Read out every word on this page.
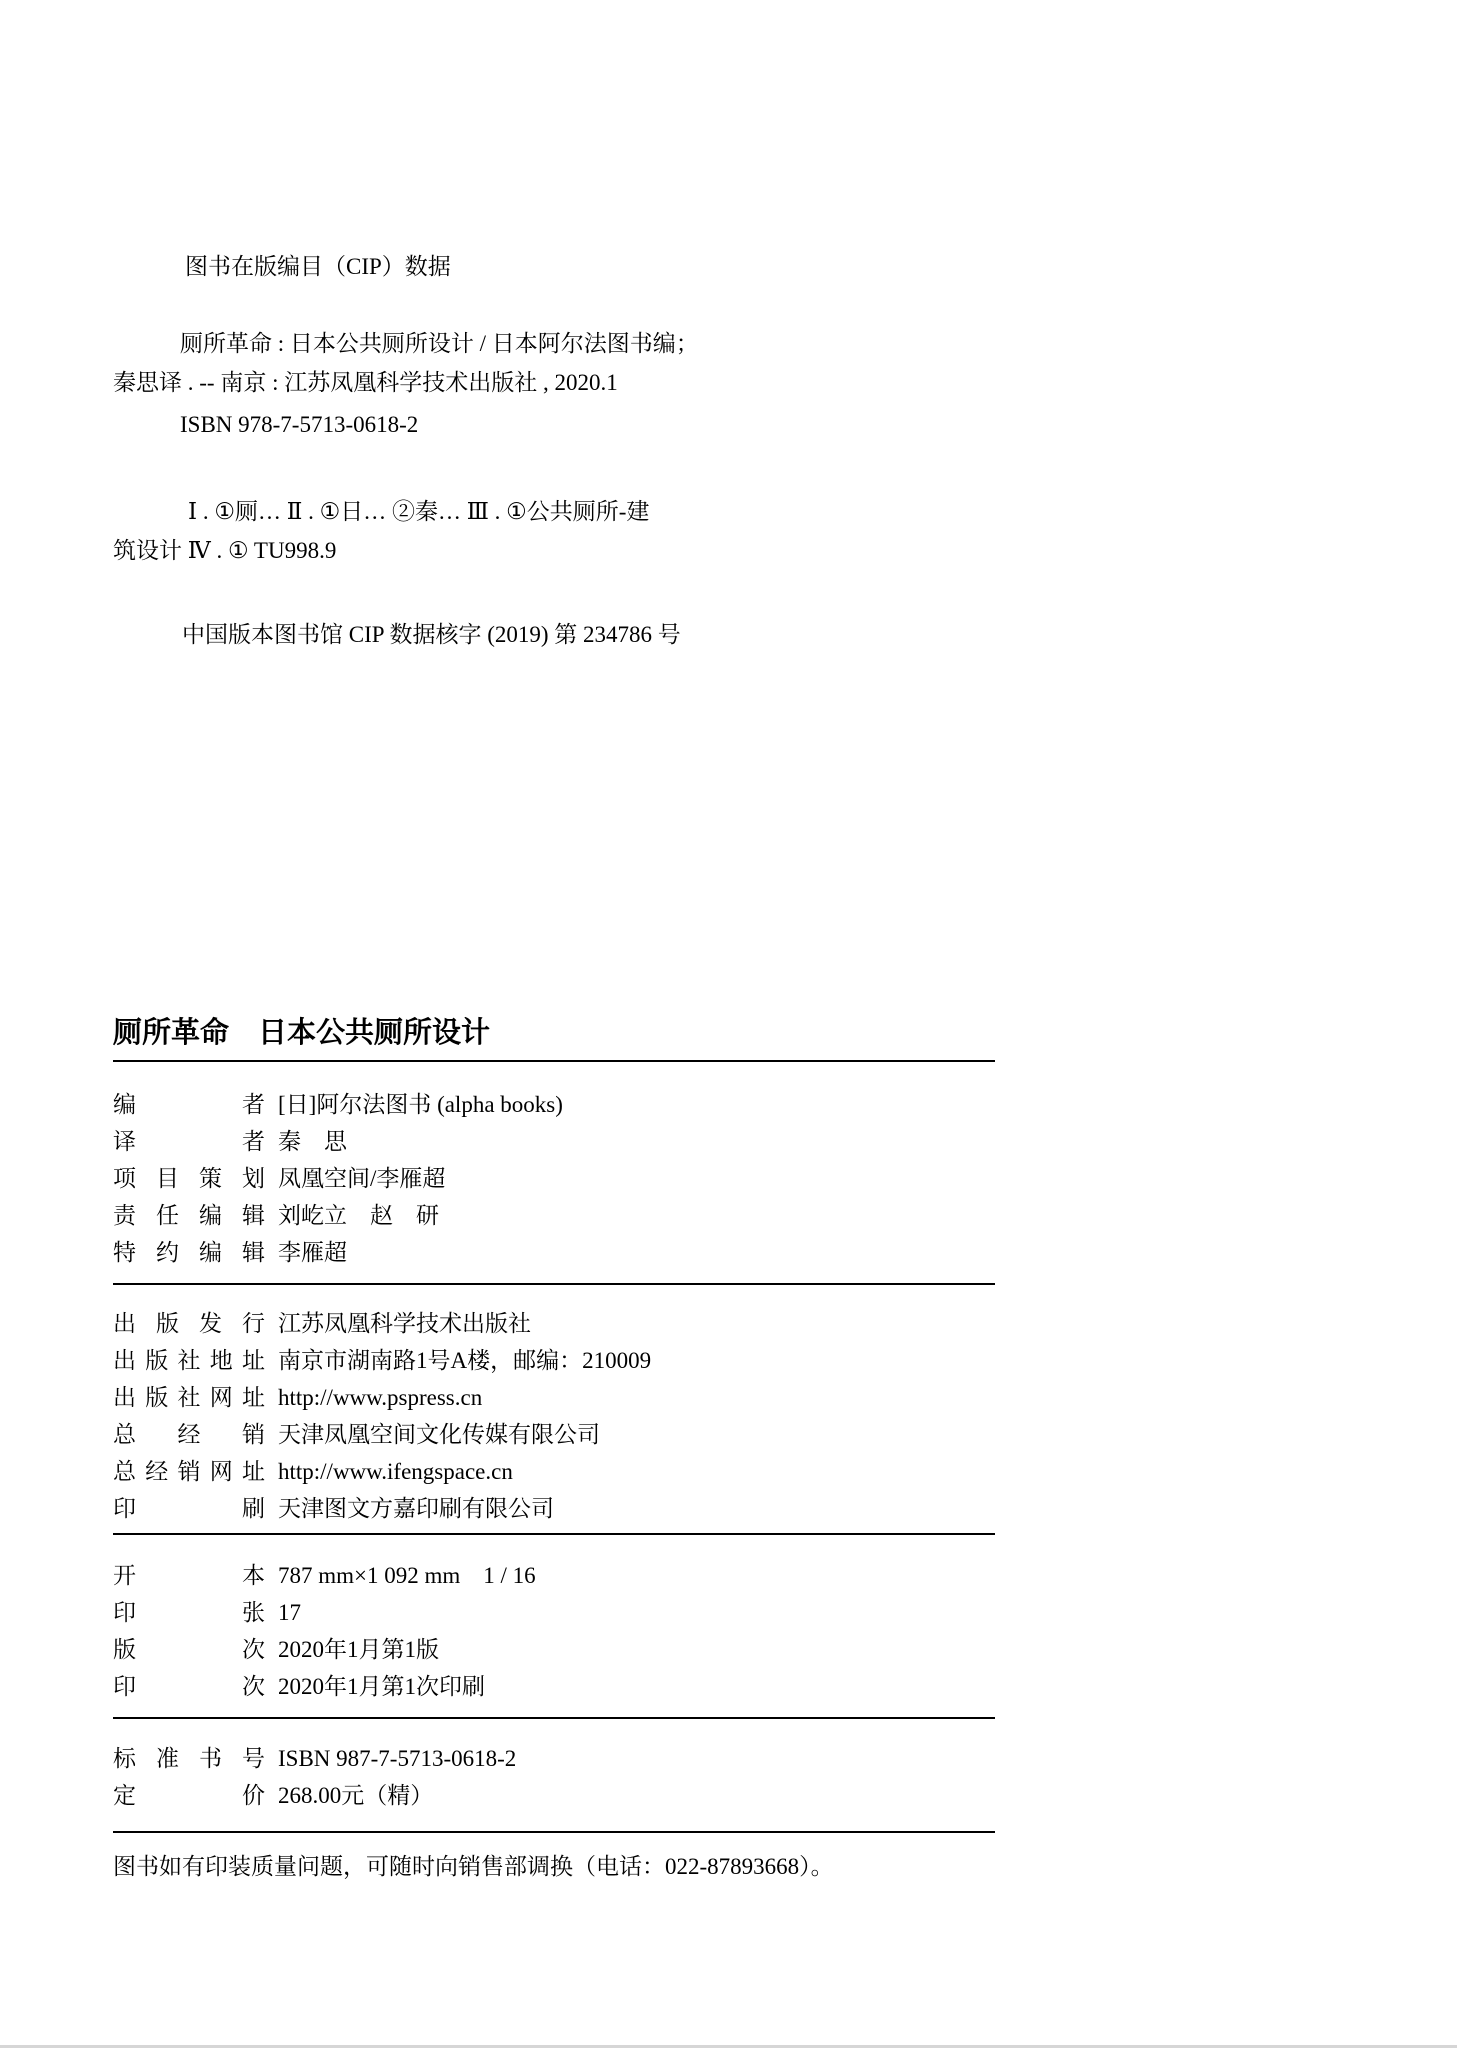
图书在版编目（CIP）数据

厕所革命 : 日本公共厕所设计 / 日本阿尔法图书编；

秦思译 . -- 南京 : 江苏凤凰科学技术出版社 , 2020.1

ISBN 978-7-5713-0618-2

Ⅰ . ①厕… Ⅱ . ①日… ②秦… Ⅲ . ①公共厕所-建

筑设计 Ⅳ . ① TU998.9

中国版本图书馆 CIP 数据核字 (2019) 第 234786 号

厕所革命　日本公共厕所设计
编者 [日]阿尔法图书 (alpha books)
译者 秦　思
项目策划 凤凰空间/李雁超
责任编辑 刘屹立　赵　研
特约编辑 李雁超
出版发行 江苏凤凰科学技术出版社
出版社地址 南京市湖南路1号A楼，邮编：210009
出版社网址 http://www.pspress.cn
总经销 天津凤凰空间文化传媒有限公司
总经销网址 http://www.ifengspace.cn
印刷 天津图文方嘉印刷有限公司
开本 787 mm×1 092 mm　1 / 16
印张 17
版次 2020年1月第1版
印次 2020年1月第1次印刷
标准书号 ISBN 987-7-5713-0618-2
定价 268.00元（精）

图书如有印装质量问题，可随时向销售部调换（电话：022-87893668）。
